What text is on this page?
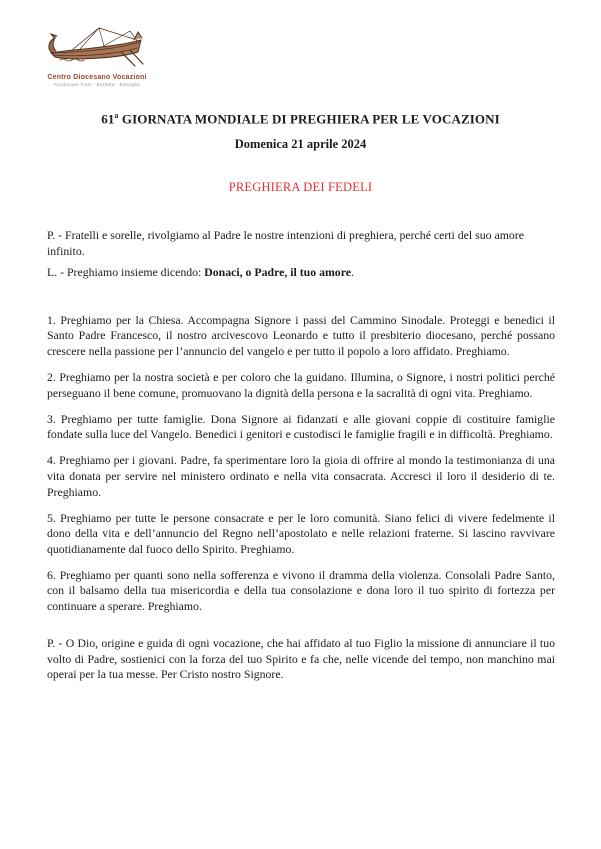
Centro Diocesano Vocazioni
Arcidiocesi Trani - Barletta - Bisceglie
61$^a$ GIORNATA MONDIALE DI PREGHIERA PER LE VOCAZIONI
Domenica 21 aprile 2024
PREGHIERA DEI FEDELI

P. - Fratelli e sorelle, rivolgiamo al Padre le nostre intenzioni di preghiera, perché certi del suo amore infinito.

L. - Preghiamo insieme dicendo: Donaci, o Padre, il tuo amore.

1. Preghiamo per la Chiesa. Accompagna Signore i passi del Cammino Sinodale. Proteggi e benedici il Santo Padre Francesco, il nostro arcivescovo Leonardo e tutto il presbiterio diocesano, perché possano crescere nella passione per l’annuncio del vangelo e per tutto il popolo a loro affidato. Preghiamo.

2. Preghiamo per la nostra società e per coloro che la guidano. Illumina, o Signore, i nostri politici perché perseguano il bene comune, promuovano la dignità della persona e la sacralità di ogni vita. Preghiamo.

3. Preghiamo per tutte famiglie. Dona Signore ai fidanzati e alle giovani coppie di costituire famiglie fondate sulla luce del Vangelo. Benedici i genitori e custodisci le famiglie fragili e in difficoltà. Preghiamo.

4. Preghiamo per i giovani. Padre, fa sperimentare loro la gioia di offrire al mondo la testimonianza di una vita donata per servire nel ministero ordinato e nella vita consacrata. Accresci il loro il desiderio di te. Preghiamo.

5. Preghiamo per tutte le persone consacrate e per le loro comunità. Siano felici di vivere fedelmente il dono della vita e dell’annuncio del Regno nell’apostolato e nelle relazioni fraterne. Si lascino ravvivare quotidianamente dal fuoco dello Spirito. Preghiamo.

6. Preghiamo per quanti sono nella sofferenza e vivono il dramma della violenza. Consolali Padre Santo, con il balsamo della tua misericordia e della tua consolazione e dona loro il tuo spirito di fortezza per continuare a sperare. Preghiamo.

P. - O Dio, origine e guida di ogni vocazione, che hai affidato al tuo Figlio la missione di annunciare il tuo volto di Padre, sostienici con la forza del tuo Spirito e fa che, nelle vicende del tempo, non manchino mai operai per la tua messe. Per Cristo nostro Signore.
